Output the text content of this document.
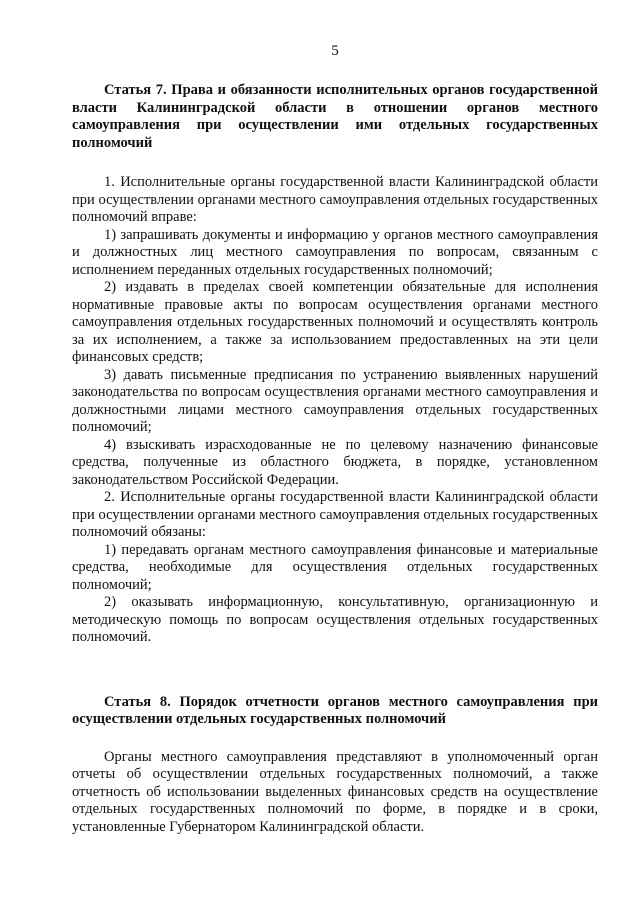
5

Статья 7. Права и обязанности исполнительных органов государственной власти Калининградской области в отношении органов местного самоуправления при осуществлении ими отдельных государственных полномочий

1. Исполнительные органы государственной власти Калининградской области при осуществлении органами местного самоуправления отдельных государственных полномочий вправе:

1) запрашивать документы и информацию у органов местного самоуправления и должностных лиц местного самоуправления по вопросам, связанным с исполнением переданных отдельных государственных полномочий;

2) издавать в пределах своей компетенции обязательные для исполнения нормативные правовые акты по вопросам осуществления органами местного самоуправления отдельных государственных полномочий и осуществлять контроль за их исполнением, а также за использованием предоставленных на эти цели финансовых средств;

3) давать письменные предписания по устранению выявленных нарушений законодательства по вопросам осуществления органами местного самоуправления и должностными лицами местного самоуправления отдельных государственных полномочий;

4) взыскивать израсходованные не по целевому назначению финансовые средства, полученные из областного бюджета, в порядке, установленном законодательством Российской Федерации.

2. Исполнительные органы государственной власти Калининградской области при осуществлении органами местного самоуправления отдельных государственных полномочий обязаны:

1) передавать органам местного самоуправления финансовые и материальные средства, необходимые для осуществления отдельных государственных полномочий;

2) оказывать информационную, консультативную, организационную и методическую помощь по вопросам осуществления отдельных государственных полномочий.

Статья 8. Порядок отчетности органов местного самоуправления при осуществлении отдельных государственных полномочий

Органы местного самоуправления представляют в уполномоченный орган отчеты об осуществлении отдельных государственных полномочий, а также отчетность об использовании выделенных финансовых средств на осуществление отдельных государственных полномочий по форме, в порядке и в сроки, установленные Губернатором Калининградской области.
